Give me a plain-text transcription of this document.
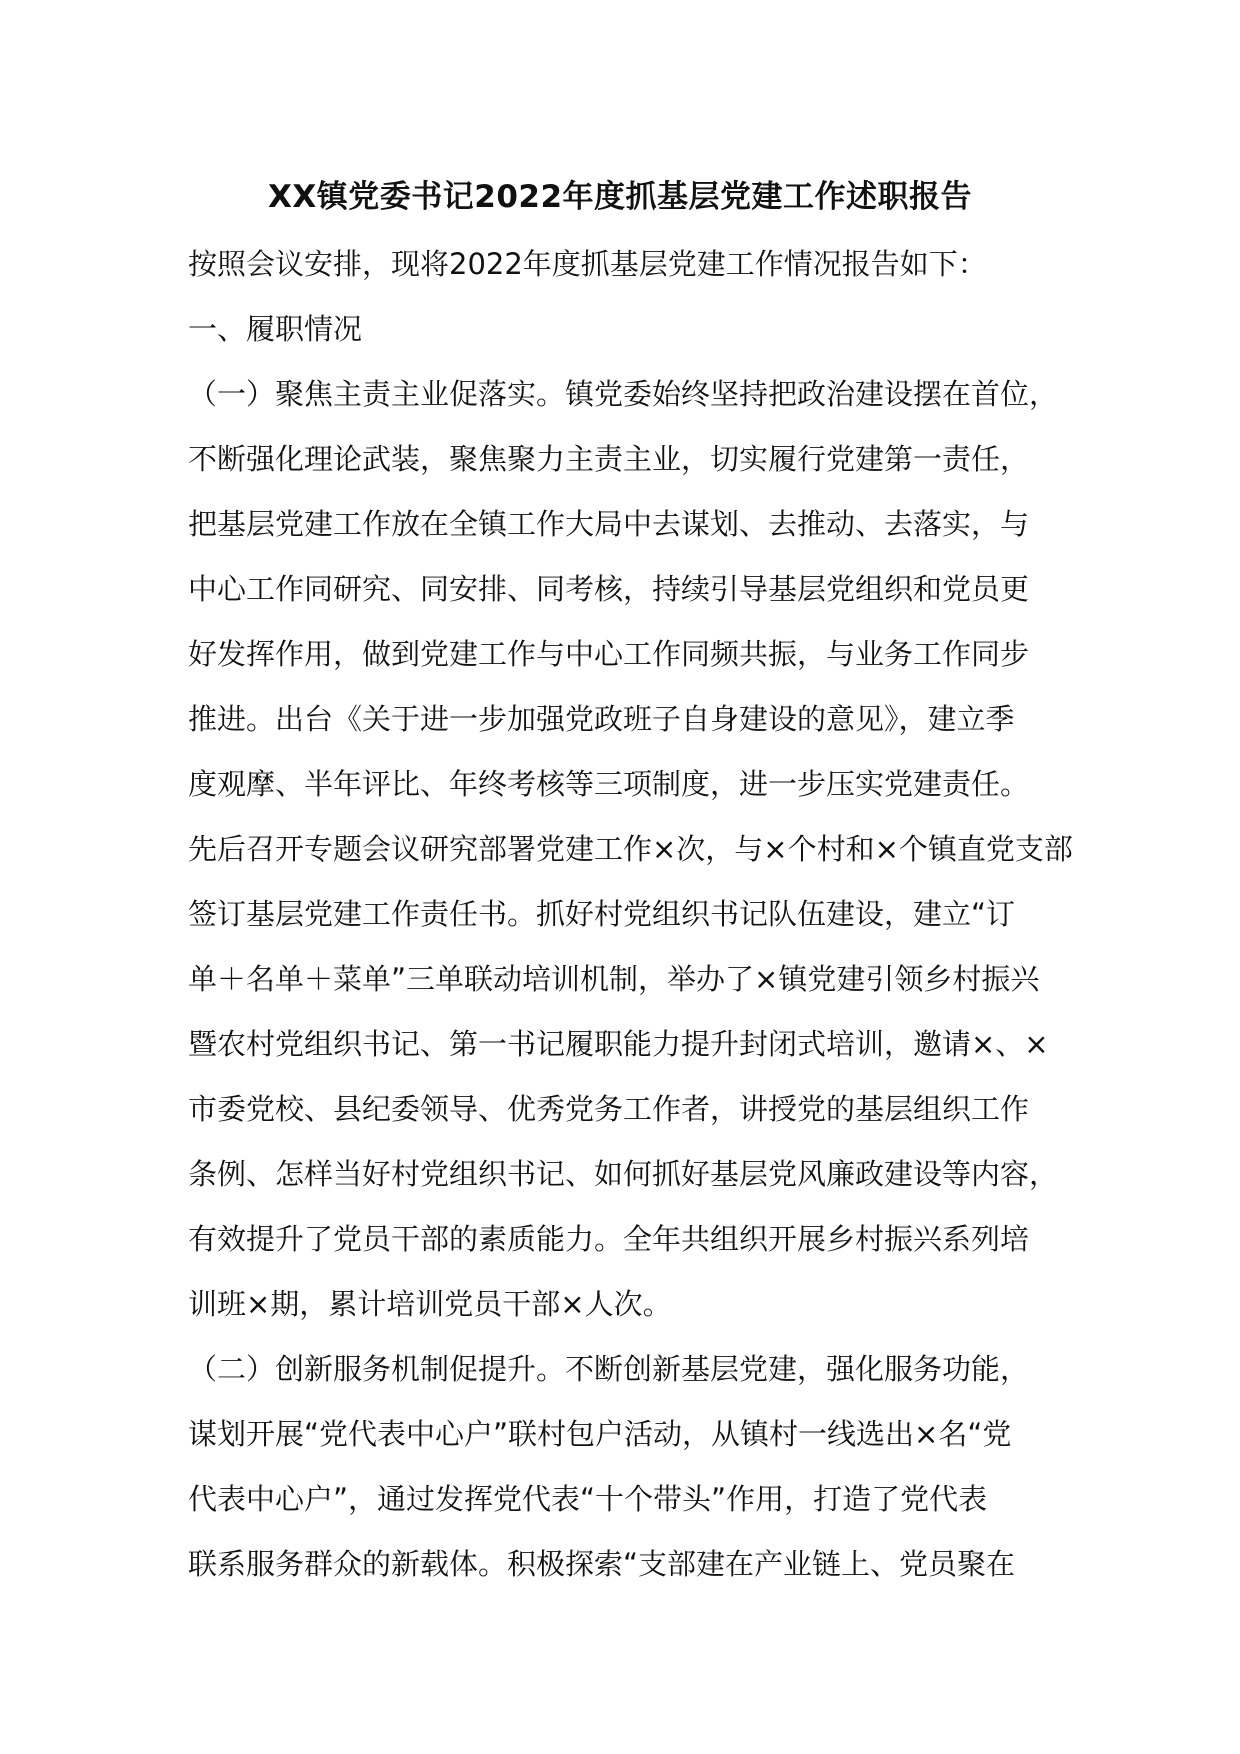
XX镇党委书记2022年度抓基层党建工作述职报告
按照会议安排，现将2022年度抓基层党建工作情况报告如下：
一、履职情况
（一）聚焦主责主业促落实。镇党委始终坚持把政治建设摆在首位，
不断强化理论武装，聚焦聚力主责主业，切实履行党建第一责任，
把基层党建工作放在全镇工作大局中去谋划、去推动、去落实，与
中心工作同研究、同安排、同考核，持续引导基层党组织和党员更
好发挥作用，做到党建工作与中心工作同频共振，与业务工作同步
推进。出台《关于进一步加强党政班子自身建设的意见》，建立季
度观摩、半年评比、年终考核等三项制度，进一步压实党建责任。
先后召开专题会议研究部署党建工作×次，与×个村和×个镇直党支部
签订基层党建工作责任书。抓好村党组织书记队伍建设，建立“订
单＋名单＋菜单”三单联动培训机制，举办了×镇党建引领乡村振兴
暨农村党组织书记、第一书记履职能力提升封闭式培训，邀请×、×
市委党校、县纪委领导、优秀党务工作者，讲授党的基层组织工作
条例、怎样当好村党组织书记、如何抓好基层党风廉政建设等内容，
有效提升了党员干部的素质能力。全年共组织开展乡村振兴系列培
训班×期，累计培训党员干部×人次。
（二）创新服务机制促提升。不断创新基层党建，强化服务功能，
谋划开展“党代表中心户”联村包户活动，从镇村一线选出×名“党
代表中心户”，通过发挥党代表“十个带头”作用，打造了党代表
联系服务群众的新载体。积极探索“支部建在产业链上、党员聚在
